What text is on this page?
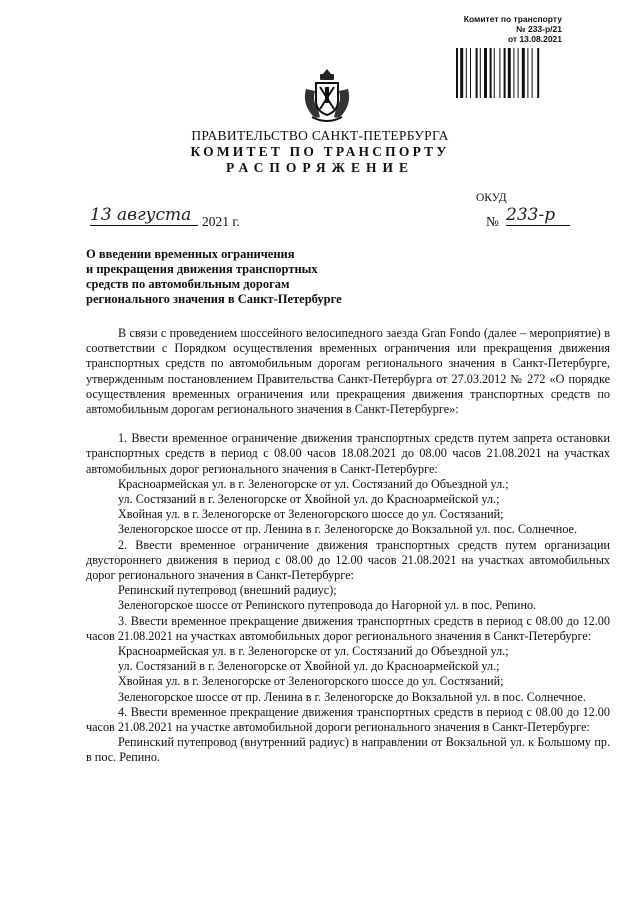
Комитет по транспорту
№ 233-р/21
от 13.08.2021
ПРАВИТЕЛЬСТВО САНКТ-ПЕТЕРБУРГА
КОМИТЕТ ПО ТРАНСПОРТУ
РАСПОРЯЖЕНИЕ
ОКУД
13 августа 2021 г.	№ 233-р
О введении временных ограничения
и прекращения движения транспортных
средств по автомобильным дорогам
регионального значения в Санкт-Петербурге

В связи с проведением шоссейного велосипедного заезда Gran Fondo (далее – мероприятие) в соответствии с Порядком осуществления временных ограничения или прекращения движения транспортных средств по автомобильным дорогам регионального значения в Санкт-Петербурге, утвержденным постановлением Правительства Санкт-Петербурга от 27.03.2012 № 272 «О порядке осуществления временных ограничения или прекращения движения транспортных средств по автомобильным дорогам регионального значения в Санкт-Петербурге»:

1. Ввести временное ограничение движения транспортных средств путем запрета остановки транспортных средств в период с 08.00 часов 18.08.2021 до 08.00 часов 21.08.2021 на участках автомобильных дорог регионального значения в Санкт-Петербурге:

Красноармейская ул. в г. Зеленогорске от ул. Состязаний до Объездной ул.;

ул. Состязаний в г. Зеленогорске от Хвойной ул. до Красноармейской ул.;

Хвойная ул. в г. Зеленогорске от Зеленогорского шоссе до ул. Состязаний;

Зеленогорское шоссе от пр. Ленина в г. Зеленогорске до Вокзальной ул. пос. Солнечное.

2. Ввести временное ограничение движения транспортных средств путем организации двустороннего движения в период с 08.00 до 12.00 часов 21.08.2021 на участках автомобильных дорог регионального значения в Санкт-Петербурге:

Репинский путепровод (внешний радиус);

Зеленогорское шоссе от Репинского путепровода до Нагорной ул. в пос. Репино.

3. Ввести временное прекращение движения транспортных средств в период с 08.00 до 12.00 часов 21.08.2021 на участках автомобильных дорог регионального значения в Санкт-Петербурге:

Красноармейская ул. в г. Зеленогорске от ул. Состязаний до Объездной ул.;

ул. Состязаний в г. Зеленогорске от Хвойной ул. до Красноармейской ул.;

Хвойная ул. в г. Зеленогорске от Зеленогорского шоссе до ул. Состязаний;

Зеленогорское шоссе от пр. Ленина в г. Зеленогорске до Вокзальной ул. в пос. Солнечное.

4. Ввести временное прекращение движения транспортных средств в период с 08.00 до 12.00 часов 21.08.2021 на участке автомобильной дороги регионального значения в Санкт-Петербурге:

Репинский путепровод (внутренний радиус) в направлении от Вокзальной ул. к Большому пр. в пос. Репино.
